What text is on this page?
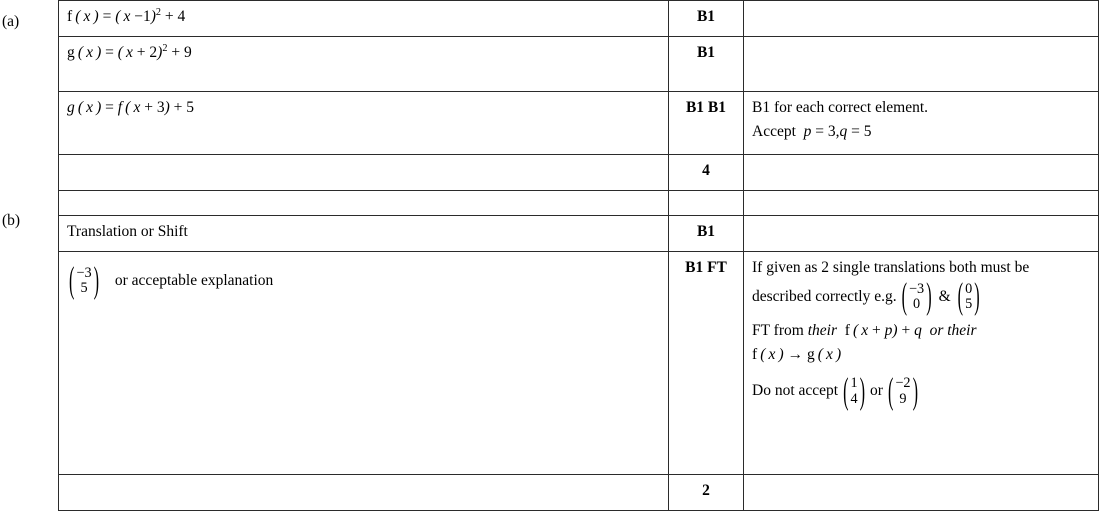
(a)
(b)
f ( x ) = ( x −1)$^2$ + 4	B1	
g ( x ) = ( x + 2)$^2$ + 9	B1	
g ( x ) = f ( x + 3) + 5	B1 B1	B1 for each correct element.
Accept  p = 3,q = 5

	4	

Translation or Shift	B1	

( −3
5 ) or acceptable explanation	B1 FT	If given as 2 single translations both must be
described correctly e.g. ( −3
0 ) & ( 0
5 )
FT from their f ( x + p) + q or their
f ( x ) → g ( x )
Do not accept ( 1
4 ) or ( −2
9 )

	2	
